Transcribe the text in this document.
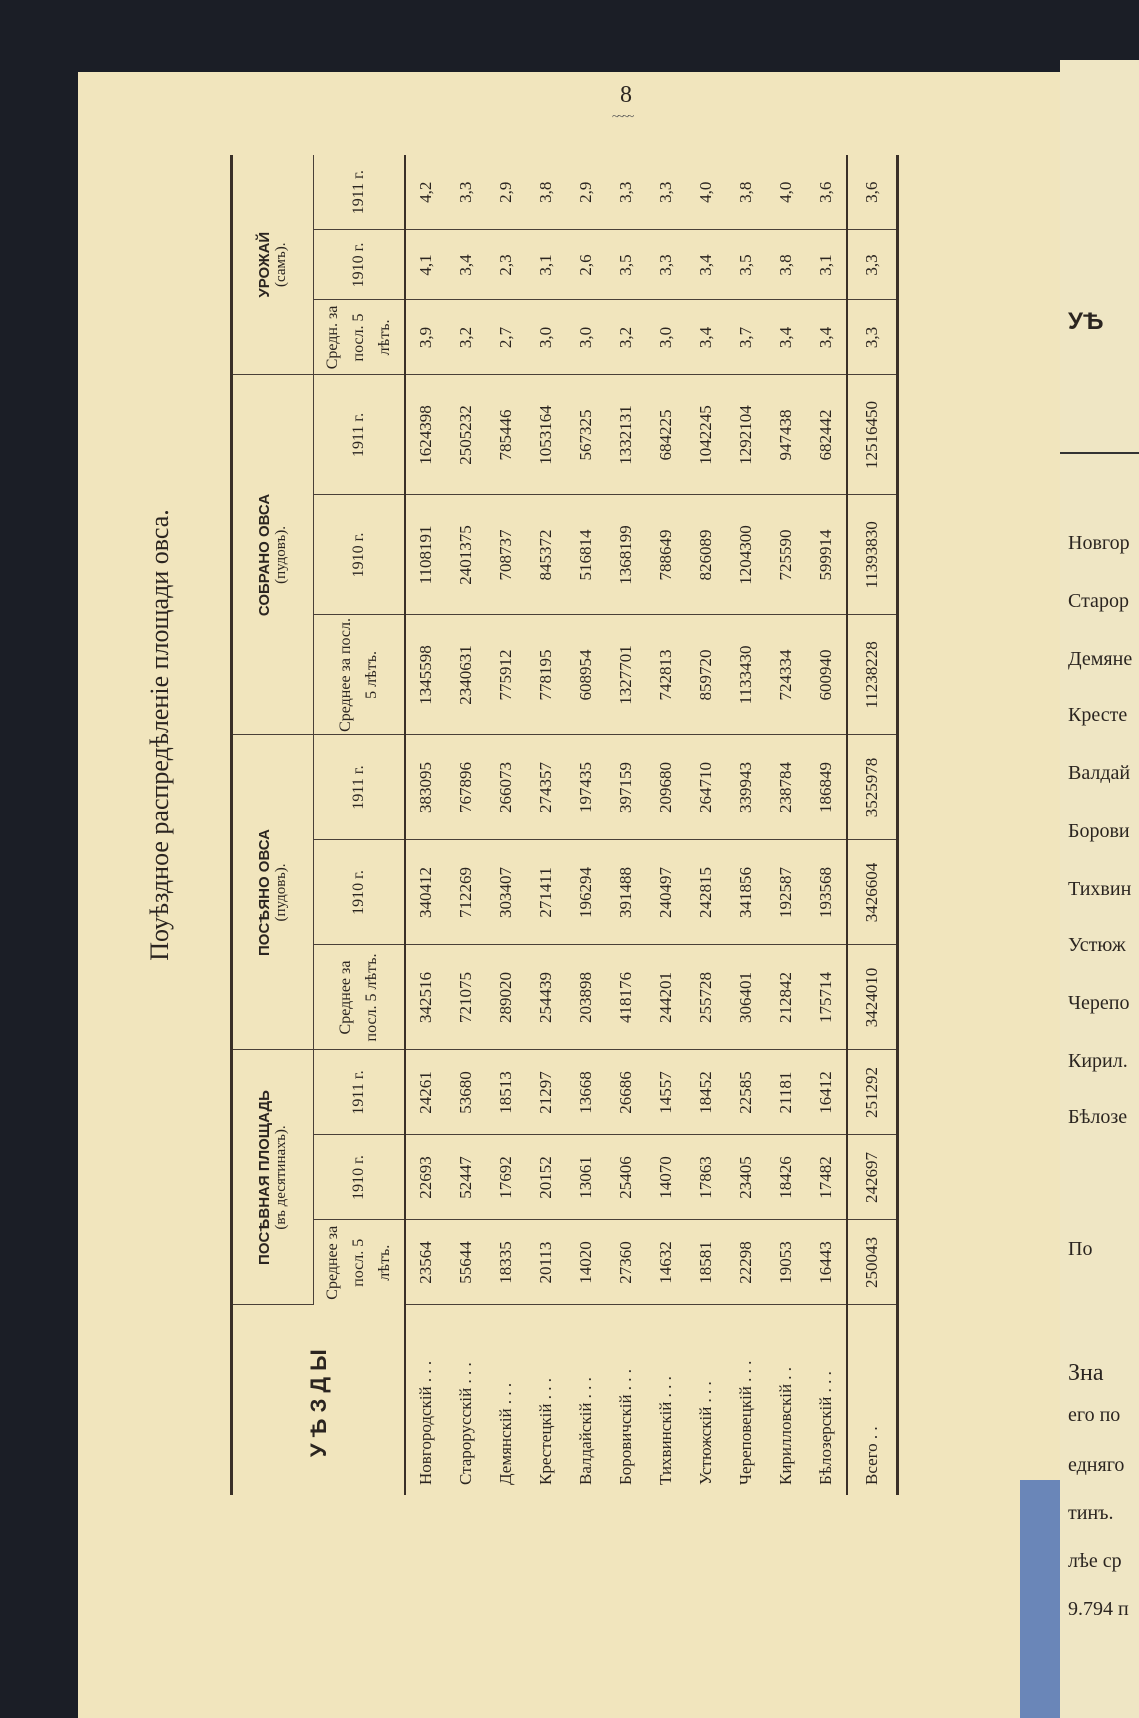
УѢ
Новгор
Старор
Демяне
Кресте
Валдай
Борови
Тихвин
Устюж
Черепо
Кирил.
Бѣлозе
По
Зна
его по
едняго
тинъ.
лѣе ср
9.794 п
8
~~~~
Поуѣздное распредѣленіе площади овса.
УѢЗДЫ	ПОСѢВНАЯ ПЛОЩАДЬ (въ десятинахъ).			ПОСѢЯНО ОВСА (пудовъ).			СОБРАНО ОВСА (пудовъ).			УРОЖАЙ (самъ).		

	Среднее за посл. 5 лѣтъ.	1910 г.	1911 г.	Среднее за посл. 5 лѣтъ.	1910 г.	1911 г.	Среднее за посл. 5 лѣтъ.	1910 г.	1911 г.	Средн. за посл. 5 лѣтъ.	1910 г.	1911 г.
Новгородскій . . .	23564	22693	24261	342516	340412	383095	1345598	1108191	1624398	3,9	4,1	4,2
Старорусскій . . .	55644	52447	53680	721075	712269	767896	2340631	2401375	2505232	3,2	3,4	3,3
Демянскій . . .	18335	17692	18513	289020	303407	266073	775912	708737	785446	2,7	2,3	2,9
Крестецкій . . .	20113	20152	21297	254439	271411	274357	778195	845372	1053164	3,0	3,1	3,8
Валдайскій . . .	14020	13061	13668	203898	196294	197435	608954	516814	567325	3,0	2,6	2,9
Боровичскій . . .	27360	25406	26686	418176	391488	397159	1327701	1368199	1332131	3,2	3,5	3,3
Тихвинскій . . .	14632	14070	14557	244201	240497	209680	742813	788649	684225	3,0	3,3	3,3
Устюжскій . . .	18581	17863	18452	255728	242815	264710	859720	826089	1042245	3,4	3,4	4,0
Череповецкій . . .	22298	23405	22585	306401	341856	339943	1133430	1204300	1292104	3,7	3,5	3,8
Кирилловскій . .	19053	18426	21181	212842	192587	238784	724334	725590	947438	3,4	3,8	4,0
Бѣлозерскій . . .	16443	17482	16412	175714	193568	186849	600940	599914	682442	3,4	3,1	3,6
Всего . .	250043	242697	251292	3424010	3426604	3525978	11238228	11393830	12516450	3,3	3,3	3,6
